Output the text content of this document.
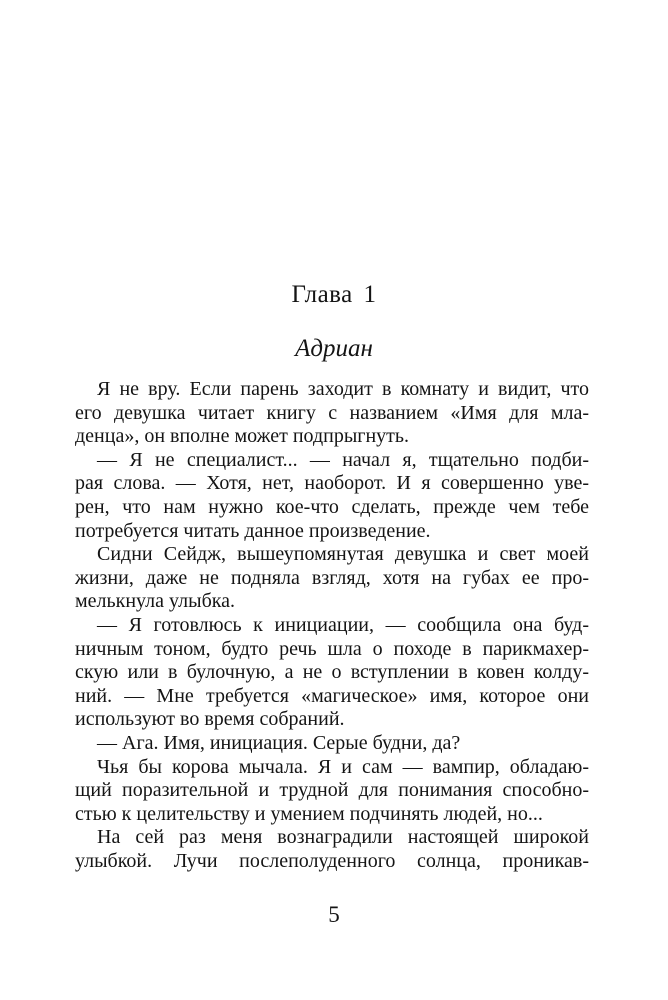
Глава 1
Адриан
Я не вру. Если парень заходит в комнату и видит, что
его девушка читает книгу с названием «Имя для мла-
денца», он вполне может подпрыгнуть.
— Я не специалист... — начал я, тщательно подби-
рая слова. — Хотя, нет, наоборот. И я совершенно уве-
рен, что нам нужно кое-что сделать, прежде чем тебе
потребуется читать данное произведение.
Сидни Сейдж, вышеупомянутая девушка и свет моей
жизни, даже не подняла взгляд, хотя на губах ее про-
мелькнула улыбка.
— Я готовлюсь к инициации, — сообщила она буд-
ничным тоном, будто речь шла о походе в парикмахер-
скую или в булочную, а не о вступлении в ковен колду-
ний. — Мне требуется «магическое» имя, которое они
используют во время собраний.
— Ага. Имя, инициация. Серые будни, да?
Чья бы корова мычала. Я и сам — вампир, обладаю-
щий поразительной и трудной для понимания способно-
стью к целительству и умением подчинять людей, но...
На сей раз меня вознаградили настоящей широкой
улыбкой. Лучи послеполуденного солнца, проникав-
5
